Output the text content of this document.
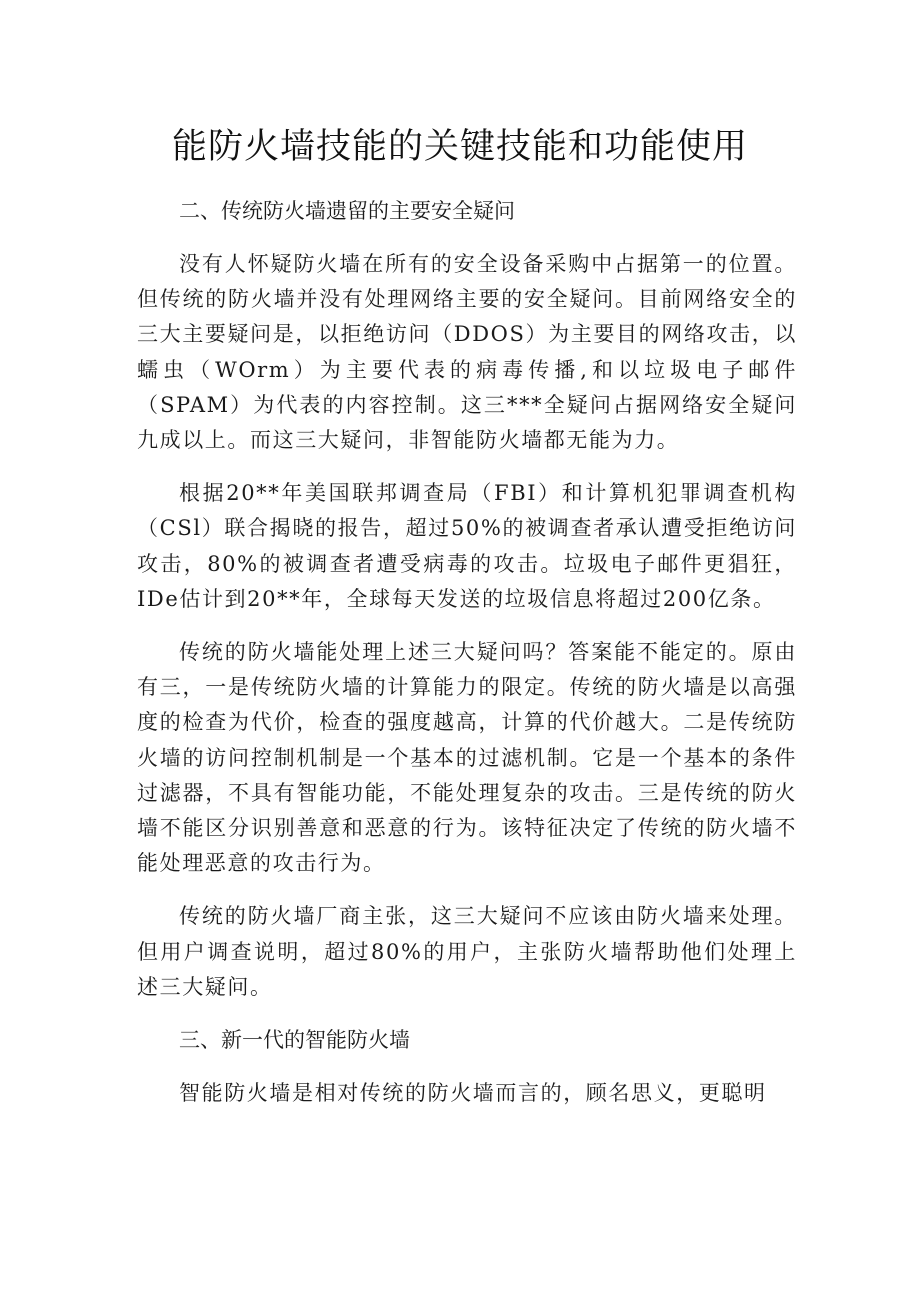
能防火墙技能的关键技能和功能使用

二、传统防火墙遗留的主要安全疑问

没有人怀疑防火墙在所有的安全设备采购中占据第一的位置。但传统的防火墙并没有处理网络主要的安全疑问。目前网络安全的三大主要疑问是，以拒绝访问（DDOS）为主要目的网络攻击，以蠕虫（WOrm）为主要代表的病毒传播,和以垃圾电子邮件（SPAM）为代表的内容控制。这三***全疑问占据网络安全疑问九成以上。而这三大疑问，非智能防火墙都无能为力。

根据20**年美国联邦调查局（FBI）和计算机犯罪调查机构（CSl）联合揭晓的报告，超过50%的被调查者承认遭受拒绝访问攻击，80%的被调查者遭受病毒的攻击。垃圾电子邮件更猖狂，IDe估计到20**年，全球每天发送的垃圾信息将超过200亿条。

传统的防火墙能处理上述三大疑问吗？答案能不能定的。原由有三，一是传统防火墙的计算能力的限定。传统的防火墙是以高强度的检查为代价，检查的强度越高，计算的代价越大。二是传统防火墙的访问控制机制是一个基本的过滤机制。它是一个基本的条件过滤器，不具有智能功能，不能处理复杂的攻击。三是传统的防火墙不能区分识别善意和恶意的行为。该特征决定了传统的防火墙不能处理恶意的攻击行为。

传统的防火墙厂商主张，这三大疑问不应该由防火墙来处理。但用户调查说明，超过80%的用户，主张防火墙帮助他们处理上述三大疑问。

三、新一代的智能防火墙

智能防火墙是相对传统的防火墙而言的，顾名思义，更聪明
